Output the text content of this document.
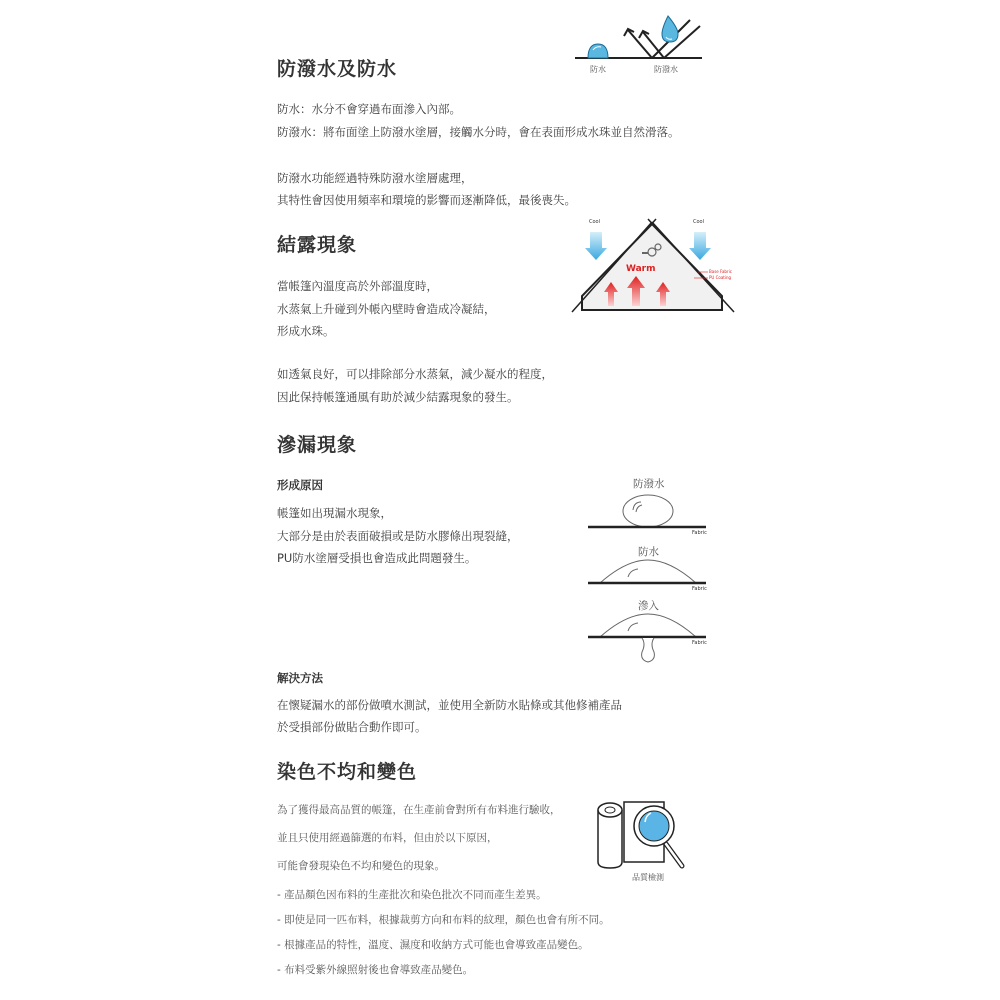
防潑水及防水
防水：水分不會穿過布面滲入內部。
防潑水：將布面塗上防潑水塗層，接觸水分時，會在表面形成水珠並自然滑落。
防潑水功能經過特殊防潑水塗層處理，
其特性會因使用頻率和環境的影響而逐漸降低，最後喪失。
防水	防潑水
結露現象
當帳篷內溫度高於外部溫度時，
水蒸氣上升碰到外帳內壁時會造成冷凝結，
形成水珠。
如透氣良好，可以排除部分水蒸氣，減少凝水的程度，
因此保持帳篷通風有助於減少結露現象的發生。
Cool	Cool
Warm	Base Fabric
PU Coating
滲漏現象
形成原因
帳篷如出現漏水現象，
大部分是由於表面破損或是防水膠條出現裂縫，
PU防水塗層受損也會造成此問題發生。
防潑水
Fabric
防水
Fabric
滲入
Fabric
解決方法
在懷疑漏水的部份做噴水測試，並使用全新防水貼條或其他修補產品
於受損部份做貼合動作即可。
染色不均和變色
為了獲得最高品質的帳篷，在生產前會對所有布料進行驗收，
並且只使用經過篩選的布料，但由於以下原因，
可能會發現染色不均和變色的現象。
- 產品顏色因布料的生產批次和染色批次不同而產生差異。
- 即使是同一匹布料，根據裁剪方向和布料的紋理，顏色也會有所不同。
- 根據產品的特性，溫度、濕度和收納方式可能也會導致產品變色。
- 布料受紫外線照射後也會導致產品變色。
品質檢測
